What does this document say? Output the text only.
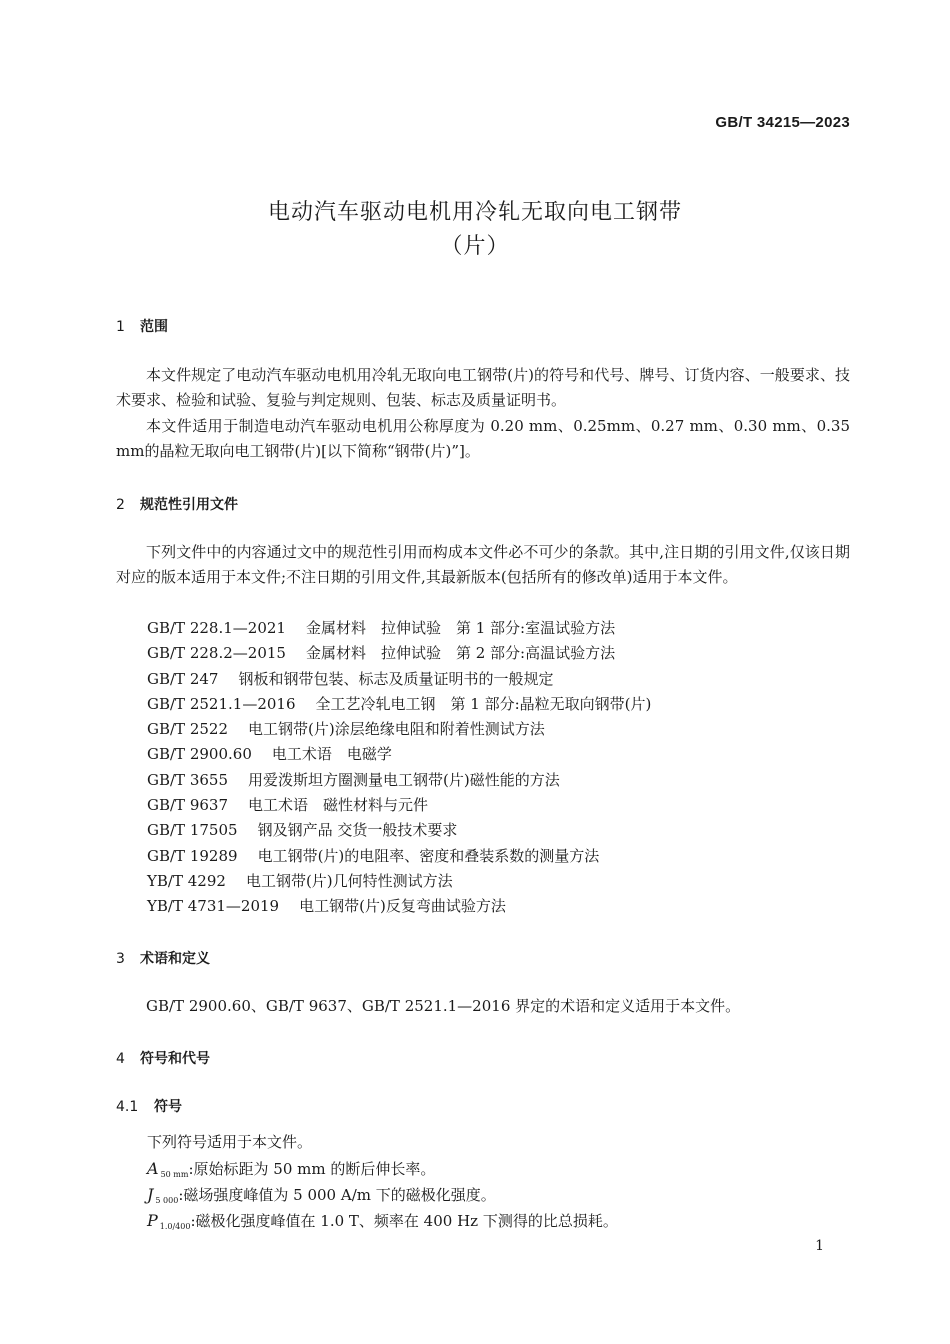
GB/T 34215—2023
电动汽车驱动电机用冷轧无取向电工钢带
（片）
1 范围

本文件规定了电动汽车驱动电机用冷轧无取向电工钢带(片)的符号和代号、牌号、订货内容、一般要求、技术要求、检验和试验、复验与判定规则、包装、标志及质量证明书。

本文件适用于制造电动汽车驱动电机用公称厚度为 0.20 mm、0.25mm、0.27 mm、0.30 mm、0.35 mm的晶粒无取向电工钢带(片)[以下简称“钢带(片)”]。

2 规范性引用文件

下列文件中的内容通过文中的规范性引用而构成本文件必不可少的条款。其中,注日期的引用文件,仅该日期对应的版本适用于本文件;不注日期的引用文件,其最新版本(包括所有的修改单)适用于本文件。

GB/T 228.1—2021 金属材料　拉伸试验　第 1 部分:室温试验方法
GB/T 228.2—2015 金属材料　拉伸试验　第 2 部分:高温试验方法
GB/T 247 钢板和钢带包装、标志及质量证明书的一般规定
GB/T 2521.1—2016 全工艺冷轧电工钢　第 1 部分:晶粒无取向钢带(片)
GB/T 2522 电工钢带(片)涂层绝缘电阻和附着性测试方法
GB/T 2900.60 电工术语　电磁学
GB/T 3655 用爱泼斯坦方圈测量电工钢带(片)磁性能的方法
GB/T 9637 电工术语　磁性材料与元件
GB/T 17505 钢及钢产品 交货一般技术要求
GB/T 19289 电工钢带(片)的电阻率、密度和叠装系数的测量方法
YB/T 4292 电工钢带(片)几何特性测试方法
YB/T 4731—2019 电工钢带(片)反复弯曲试验方法
3 术语和定义

GB/T 2900.60、GB/T 9637、GB/T 2521.1—2016 界定的术语和定义适用于本文件。

4 符号和代号
4.1 符号
下列符号适用于本文件。
A $_{50 mm}$:原始标距为 50 mm 的断后伸长率。
J $_{5 000}$:磁场强度峰值为 5 000 A/m 下的磁极化强度。
P $_{1.0/400}$:磁极化强度峰值在 1.0 T、频率在 400 Hz 下测得的比总损耗。
1
